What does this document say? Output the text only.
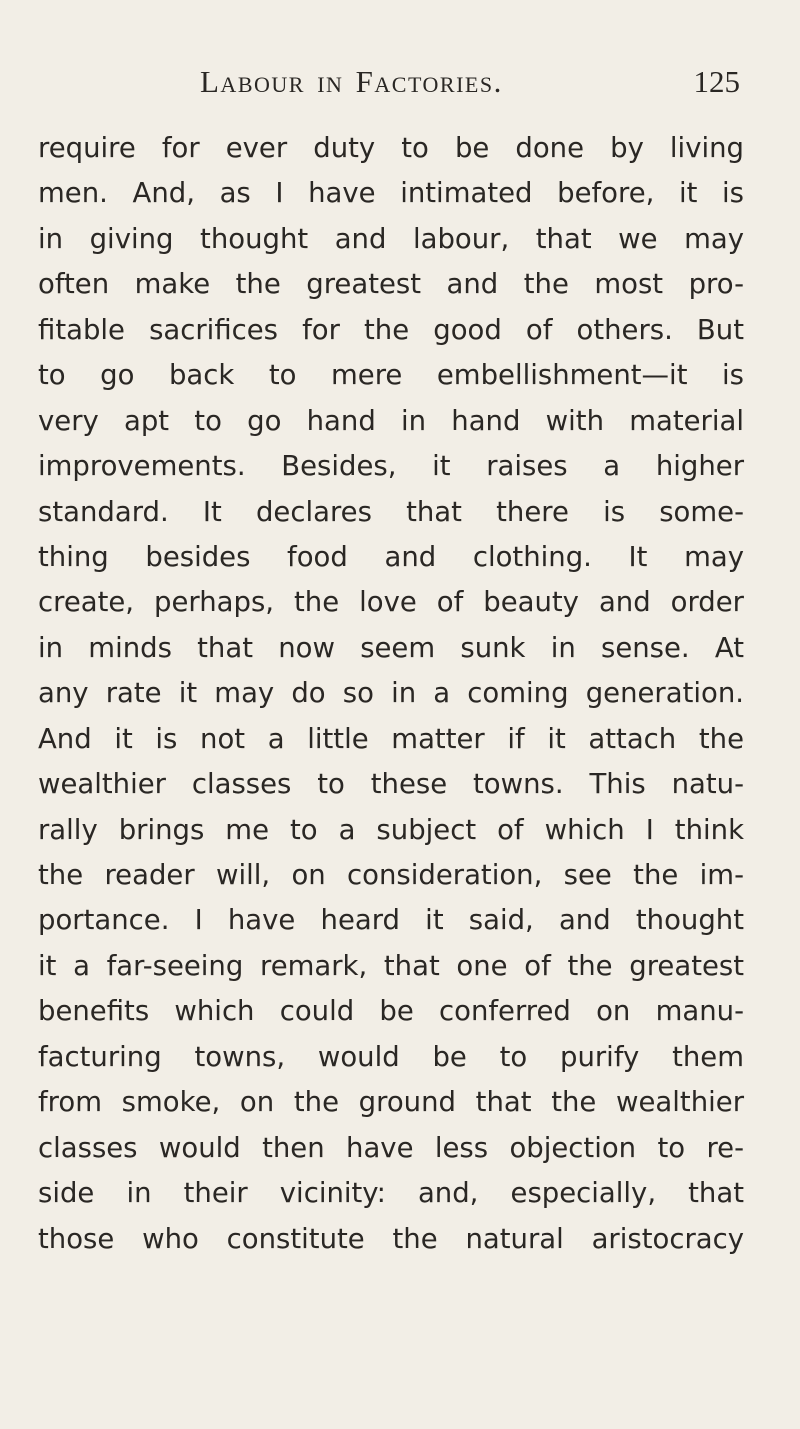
Labour in Factories.	125
require for ever duty to be done by living
men. And, as I have intimated before, it is
in giving thought and labour, that we may
often make the greatest and the most pro-
fitable sacrifices for the good of others. But
to go back to mere embellishment—it is
very apt to go hand in hand with material
improvements. Besides, it raises a higher
standard. It declares that there is some-
thing besides food and clothing. It may
create, perhaps, the love of beauty and order
in minds that now seem sunk in sense. At
any rate it may do so in a coming generation.
And it is not a little matter if it attach the
wealthier classes to these towns. This natu-
rally brings me to a subject of which I think
the reader will, on consideration, see the im-
portance. I have heard it said, and thought
it a far-seeing remark, that one of the greatest
benefits which could be conferred on manu-
facturing towns, would be to purify them
from smoke, on the ground that the wealthier
classes would then have less objection to re-
side in their vicinity: and, especially, that
those who constitute the natural aristocracy
